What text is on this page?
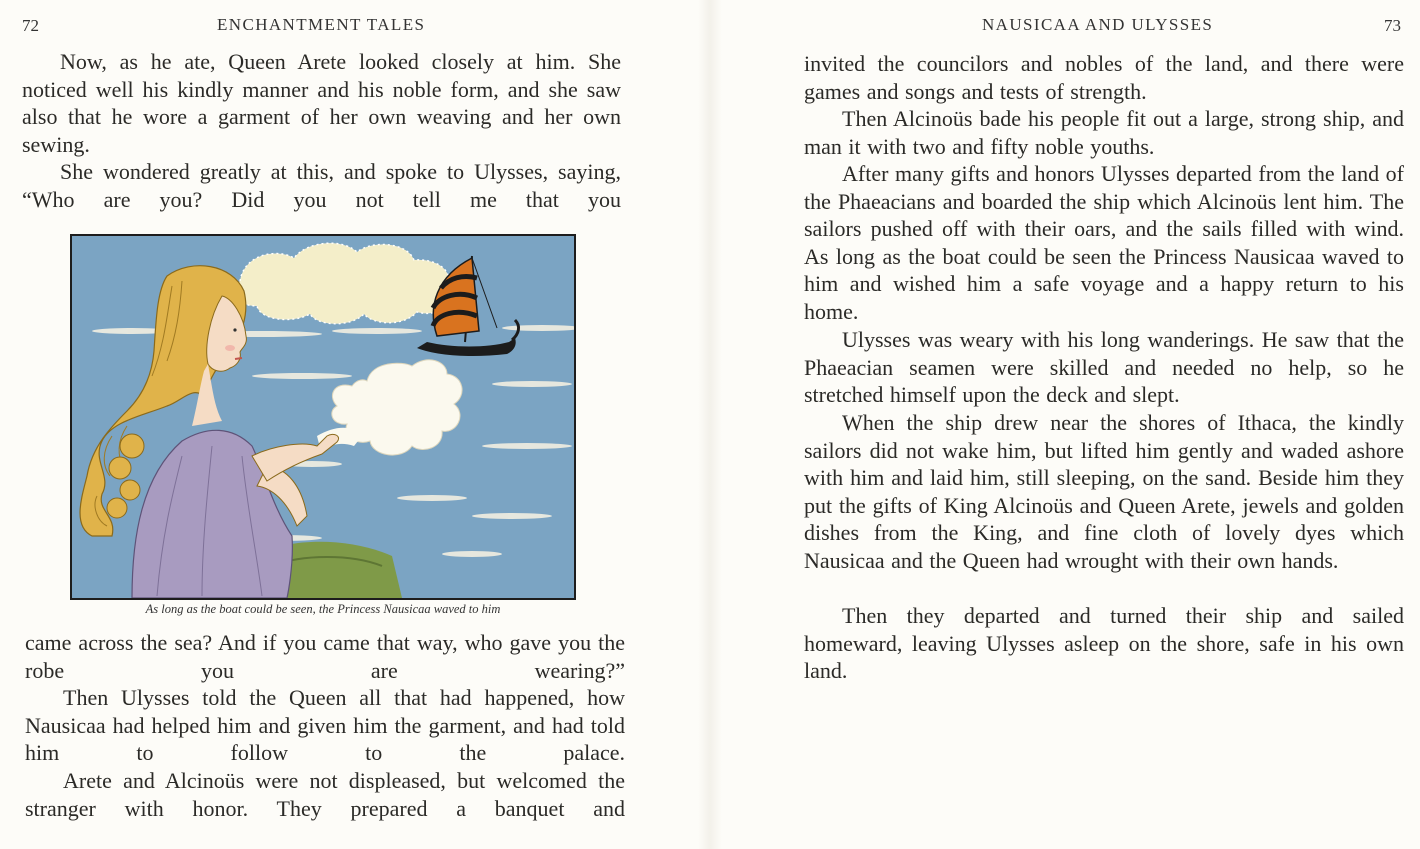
72	ENCHANTMENT TALES
Now, as he ate, Queen Arete looked closely at him. She noticed well his kindly manner and his noble form, and she saw also that he wore a garment of her own weaving and her own sewing.
She wondered greatly at this, and spoke to Ulysses, saying, “Who are you? Did you not tell me that you
As long as the boat could be seen, the Princess Nausicaa waved to him
came across the sea? And if you came that way, who gave you the robe you are wearing?”
Then Ulysses told the Queen all that had happened, how Nausicaa had helped him and given him the garment, and had told him to follow to the palace.
Arete and Alcinoüs were not displeased, but welcomed the stranger with honor. They prepared a banquet and
NAUSICAA AND ULYSSES	73
invited the councilors and nobles of the land, and there were games and songs and tests of strength.
Then Alcinoüs bade his people fit out a large, strong ship, and man it with two and fifty noble youths.
After many gifts and honors Ulysses departed from the land of the Phaeacians and boarded the ship which Alcinoüs lent him. The sailors pushed off with their oars, and the sails filled with wind. As long as the boat could be seen the Princess Nausicaa waved to him and wished him a safe voyage and a happy return to his home.
Ulysses was weary with his long wanderings. He saw that the Phaeacian seamen were skilled and needed no help, so he stretched himself upon the deck and slept.
When the ship drew near the shores of Ithaca, the kindly sailors did not wake him, but lifted him gently and waded ashore with him and laid him, still sleeping, on the sand. Beside him they put the gifts of King Alcinoüs and Queen Arete, jewels and golden dishes from the King, and fine cloth of lovely dyes which Nausicaa and the Queen had wrought with their own hands.
Then they departed and turned their ship and sailed homeward, leaving Ulysses asleep on the shore, safe in his own land.
